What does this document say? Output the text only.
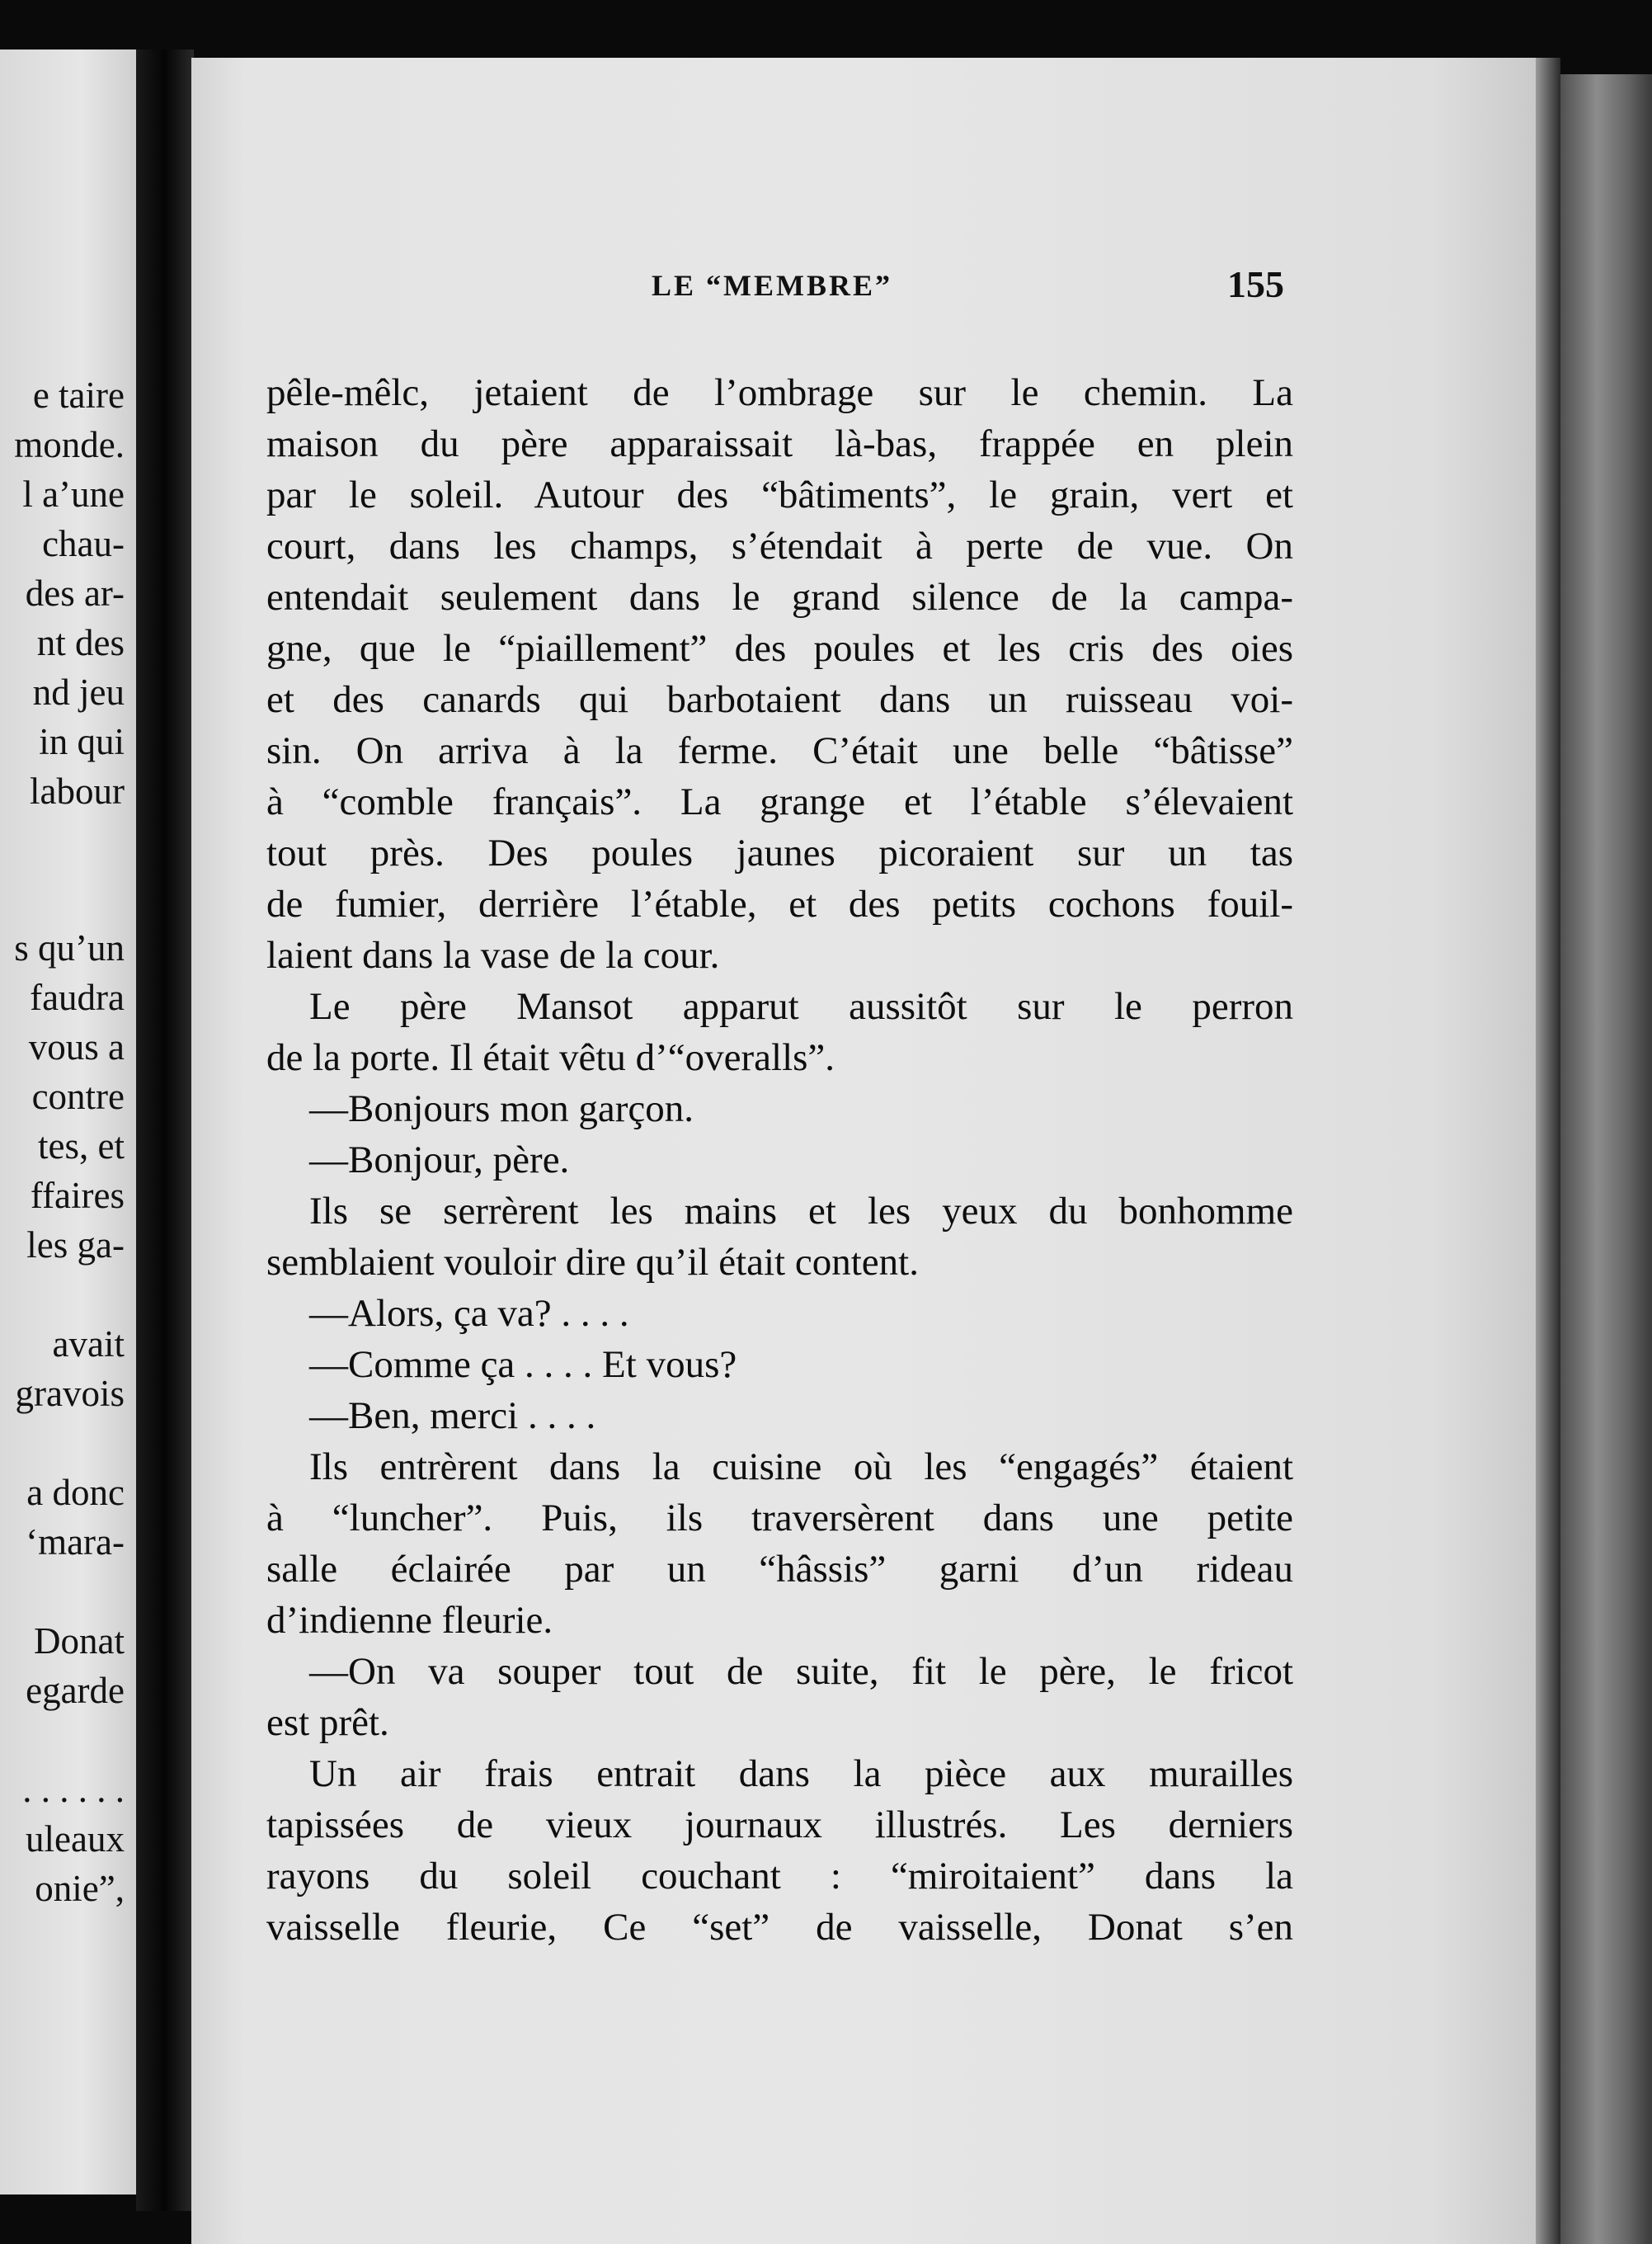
e taire
monde.
l a’une
chau-
des ar-
nt des
nd jeu
in qui
labour
s qu’un
faudra
vous a
contre
tes, et
ffaires
les ga-
avait
gravois
a donc
‘mara-
Donat
egarde
. . . . . .
uleaux
onie”,
LE “MEMBRE”	155
pêle-mêlc, jetaient de l’ombrage sur le chemin. La
maison du père apparaissait là-bas, frappée en plein
par le soleil. Autour des “bâtiments”, le grain, vert et
court, dans les champs, s’étendait à perte de vue. On
entendait seulement dans le grand silence de la campa-
gne, que le “piaillement” des poules et les cris des oies
et des canards qui barbotaient dans un ruisseau voi-
sin. On arriva à la ferme. C’était une belle “bâtisse”
à “comble français”. La grange et l’étable s’élevaient
tout près. Des poules jaunes picoraient sur un tas
de fumier, derrière l’étable, et des petits cochons fouil-
laient dans la vase de la cour.
Le père Mansot apparut aussitôt sur le perron
de la porte. Il était vêtu d’“overalls”.
—Bonjours mon garçon.
—Bonjour, père.
Ils se serrèrent les mains et les yeux du bonhomme
semblaient vouloir dire qu’il était content.
—Alors, ça va? . . . .
—Comme ça . . . . Et vous?
—Ben, merci . . . .
Ils entrèrent dans la cuisine où les “engagés” étaient
à “luncher”. Puis, ils traversèrent dans une petite
salle éclairée par un “hâssis” garni d’un rideau
d’indienne fleurie.
—On va souper tout de suite, fit le père, le fricot
est prêt.
Un air frais entrait dans la pièce aux murailles
tapissées de vieux journaux illustrés. Les derniers
rayons du soleil couchant : “miroitaient” dans la
vaisselle fleurie, Ce “set” de vaisselle, Donat s’en
